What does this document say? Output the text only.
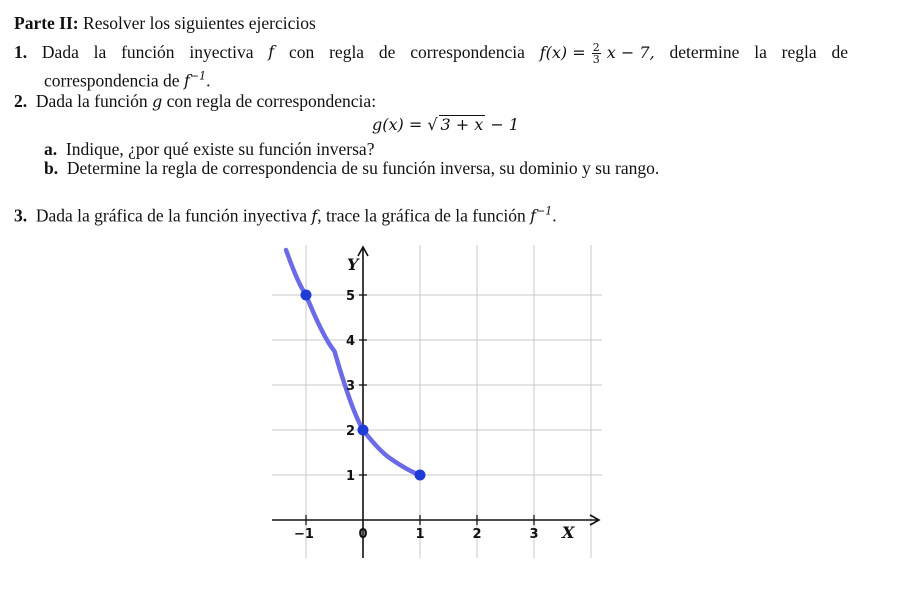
Parte II: Resolver los siguientes ejercicios
1. Dada la función inyectiva f con regla de correspondencia $f(x) = \frac{2}{3}$ x − 7, determine la regla de
correspondencia de $f^{-1}$.
2. Dada la función g con regla de correspondencia:
g(x) = √ 3 + x − 1
a. Indique, ¿por qué existe su función inversa?
b. Determine la regla de correspondencia de su función inversa, su dominio y su rango.
3. Dada la gráfica de la función inyectiva f, trace la gráfica de la función $f^{-1}$.
−1	0	1	2	3
1
2
3
4
5
X
Y
